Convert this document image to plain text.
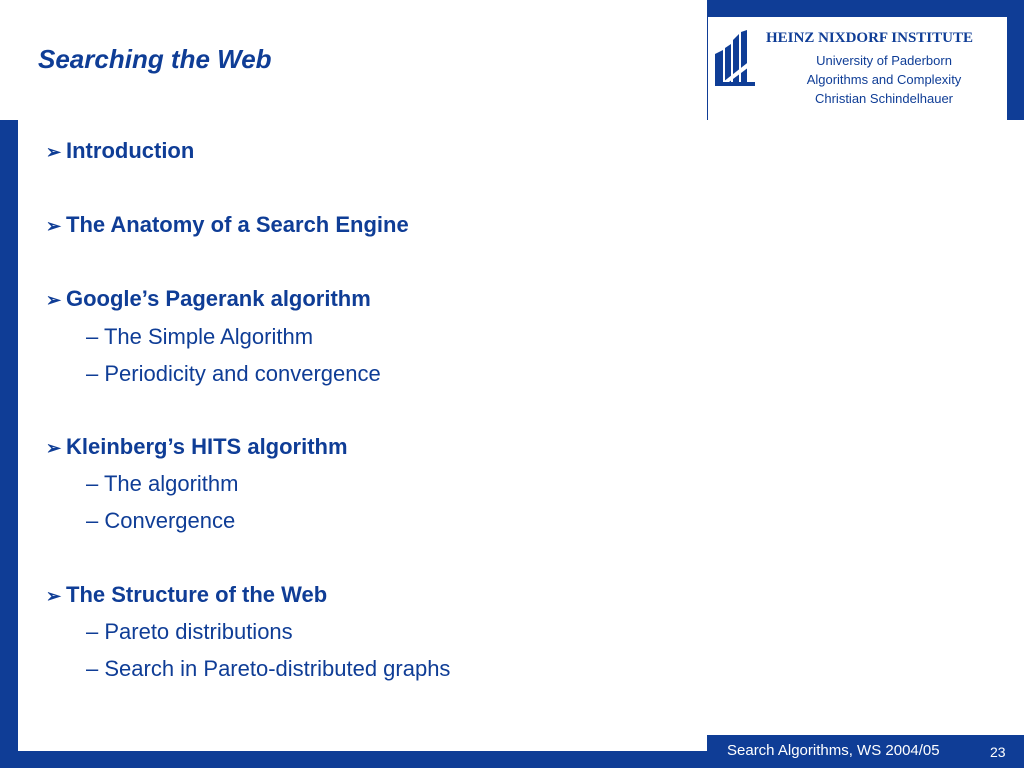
Searching the Web
HEINZ NIXDORF INSTITUTE
University of Paderborn
Algorithms and Complexity
Christian Schindelhauer
➢ Introduction
➢ The Anatomy of a Search Engine
➢ Google’s Pagerank algorithm
– The Simple Algorithm
– Periodicity and convergence
➢ Kleinberg’s HITS algorithm
– The algorithm
– Convergence
➢ The Structure of the Web
– Pareto distributions
– Search in Pareto-distributed graphs
Search Algorithms, WS 2004/05	23
